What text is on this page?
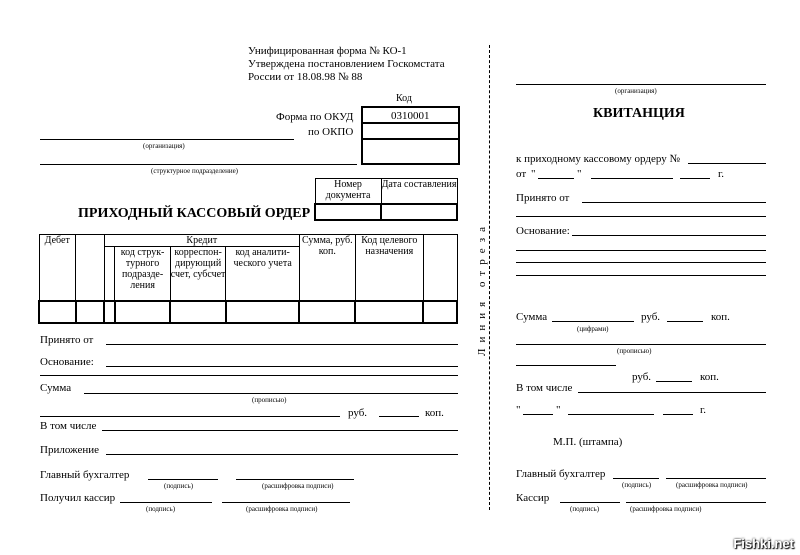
Унифицированная форма № КО-1
Утверждена постановлением Госкомстата
России от 18.08.98 № 88
Код
Форма по ОКУД	0310001
по ОКПО
(организация)
(структурное подразделение)
Номер документа	Дата составления

ПРИХОДНЫЙ КАССОВЫЙ ОРДЕР
Дебет		Кредит				Сумма, руб. коп.	Код целевого назначения	
			код струк-турного подразде-ления	корреспон-дирующий счет, субсчет	код аналити-ческого учета			

Принято от
Основание:
Сумма
(прописью)
руб.	коп.
В том числе
Приложение
Главный бухгалтер
(подпись)	(расшифровка подписи)
Получил кассир
(подпись)	(расшифровка подписи)
Линия отреза
(организация)
КВИТАНЦИЯ
к приходному кассовому ордеру №
от "	"	г.
Принято от
Основание:
Сумма	руб.	коп.
(цифрами)
(прописью)
руб.	коп.
В том числе
"	"	г.
М.П. (штампа)
Главный бухгалтер
(подпись)	(расшифровка подписи)
Кассир
(подпись)	(расшифровка подписи)
Fishki.net
